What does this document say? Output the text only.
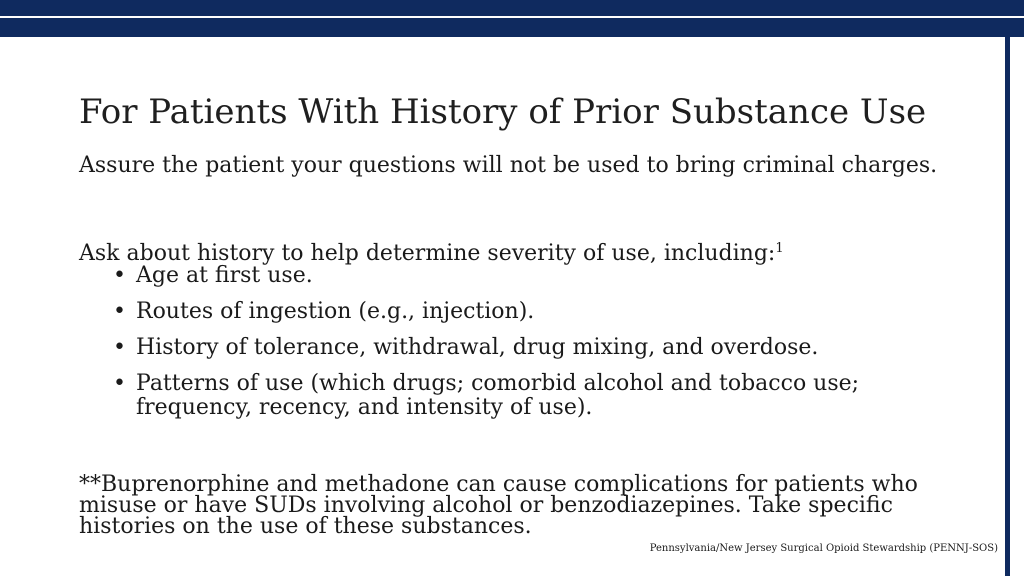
For Patients With History of Prior Substance Use

Assure the patient your questions will not be used to bring criminal charges.

Ask about history to help determine severity of use, including:$^1$

• Age at first use.
• Routes of ingestion (e.g., injection).
• History of tolerance, withdrawal, drug mixing, and overdose.
• Patterns of use (which drugs; comorbid alcohol and tobacco use; frequency, recency, and intensity of use).

**Buprenorphine and methadone can cause complications for patients who misuse or have SUDs involving alcohol or benzodiazepines. Take specific histories on the use of these substances.

Pennsylvania/New Jersey Surgical Opioid Stewardship (PENNJ-SOS)
